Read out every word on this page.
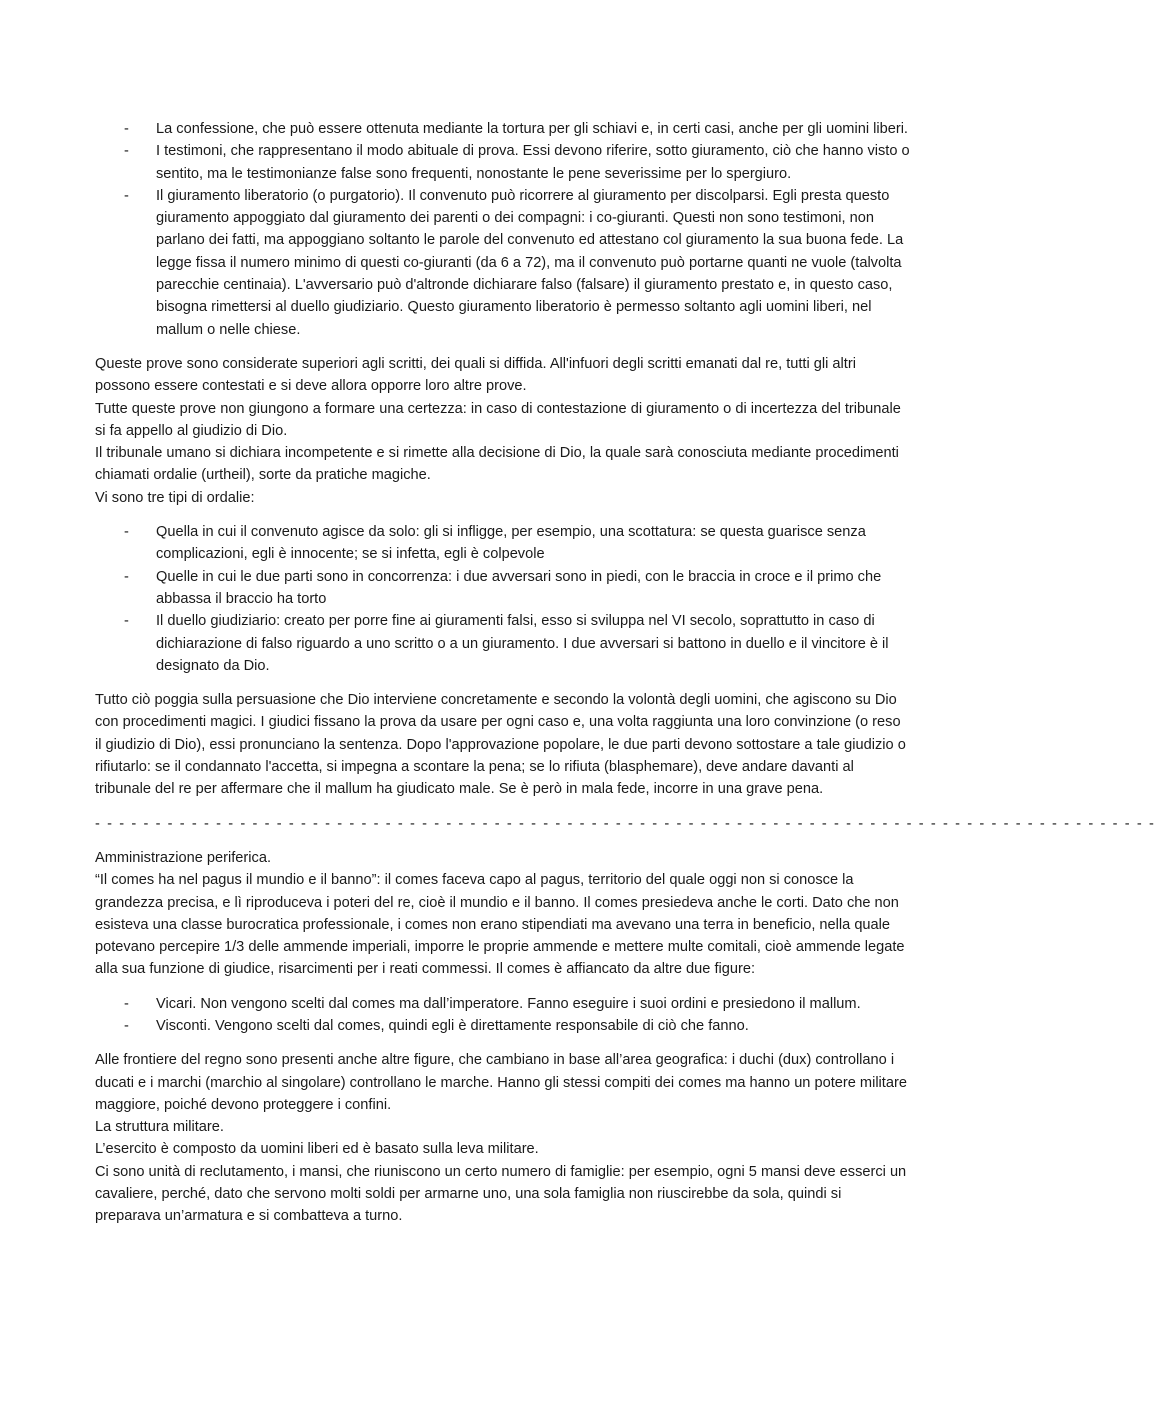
- La confessione, che può essere ottenuta mediante la tortura per gli schiavi e, in certi casi, anche per gli uomini liberi.
- I testimoni, che rappresentano il modo abituale di prova. Essi devono riferire, sotto giuramento, ciò che hanno visto o sentito, ma le testimonianze false sono frequenti, nonostante le pene severissime per lo spergiuro.
- Il giuramento liberatorio (o purgatorio). Il convenuto può ricorrere al giuramento per discolparsi. Egli presta questo giuramento appoggiato dal giuramento dei parenti o dei compagni: i co-giuranti. Questi non sono testimoni, non parlano dei fatti, ma appoggiano soltanto le parole del convenuto ed attestano col giuramento la sua buona fede. La legge fissa il numero minimo di questi co-giuranti (da 6 a 72), ma il convenuto può portarne quanti ne vuole (talvolta parecchie centinaia). L'avversario può d'altronde dichiarare falso (falsare) il giuramento prestato e, in questo caso, bisogna rimettersi al duello giudiziario. Questo giuramento liberatorio è permesso soltanto agli uomini liberi, nel mallum o nelle chiese.

Queste prove sono considerate superiori agli scritti, dei quali si diffida. All'infuori degli scritti emanati dal re, tutti gli altri possono essere contestati e si deve allora opporre loro altre prove.

Tutte queste prove non giungono a formare una certezza: in caso di contestazione di giuramento o di incertezza del tribunale si fa appello al giudizio di Dio.

Il tribunale umano si dichiara incompetente e si rimette alla decisione di Dio, la quale sarà conosciuta mediante procedimenti chiamati ordalie (urtheil), sorte da pratiche magiche.

Vi sono tre tipi di ordalie:

- Quella in cui il convenuto agisce da solo: gli si infligge, per esempio, una scottatura: se questa guarisce senza complicazioni, egli è innocente; se si infetta, egli è colpevole
- Quelle in cui le due parti sono in concorrenza: i due avversari sono in piedi, con le braccia in croce e il primo che abbassa il braccio ha torto
- Il duello giudiziario: creato per porre fine ai giuramenti falsi, esso si sviluppa nel VI secolo, soprattutto in caso di dichiarazione di falso riguardo a uno scritto o a un giuramento. I due avversari si battono in duello e il vincitore è il designato da Dio.

Tutto ciò poggia sulla persuasione che Dio interviene concretamente e secondo la volontà degli uomini, che agiscono su Dio con procedimenti magici. I giudici fissano la prova da usare per ogni caso e, una volta raggiunta una loro convinzione (o reso il giudizio di Dio), essi pronunciano la sentenza. Dopo l'approvazione popolare, le due parti devono sottostare a tale giudizio o rifiutarlo: se il condannato l'accetta, si impegna a scontare la pena; se lo rifiuta (blasphemare), deve andare davanti al tribunale del re per affermare che il mallum ha giudicato male. Se è però in mala fede, incorre in una grave pena.

- - - - - - - - - - - - - - - - - - - - - - - - - - - - - - - - - - - - - - - - - - - - - - - - - - - - - - - - - - - - - - - - - - - - - - - - - - - - - - - - - - - - - - - -

Amministrazione periferica.

“Il comes ha nel pagus il mundio e il banno”: il comes faceva capo al pagus, territorio del quale oggi non si conosce la grandezza precisa, e lì riproduceva i poteri del re, cioè il mundio e il banno. Il comes presiedeva anche le corti. Dato che non esisteva una classe burocratica professionale, i comes non erano stipendiati ma avevano una terra in beneficio, nella quale potevano percepire 1/3 delle ammende imperiali, imporre le proprie ammende e mettere multe comitali, cioè ammende legate alla sua funzione di giudice, risarcimenti per i reati commessi. Il comes è affiancato da altre due figure:

- Vicari. Non vengono scelti dal comes ma dall’imperatore. Fanno eseguire i suoi ordini e presiedono il mallum.
- Visconti. Vengono scelti dal comes, quindi egli è direttamente responsabile di ciò che fanno.

Alle frontiere del regno sono presenti anche altre figure, che cambiano in base all’area geografica: i duchi (dux) controllano i ducati e i marchi (marchio al singolare) controllano le marche. Hanno gli stessi compiti dei comes ma hanno un potere militare maggiore, poiché devono proteggere i confini.

La struttura militare.

L’esercito è composto da uomini liberi ed è basato sulla leva militare.

Ci sono unità di reclutamento, i mansi, che riuniscono un certo numero di famiglie: per esempio, ogni 5 mansi deve esserci un cavaliere, perché, dato che servono molti soldi per armarne uno, una sola famiglia non riuscirebbe da sola, quindi si preparava un’armatura e si combatteva a turno.
